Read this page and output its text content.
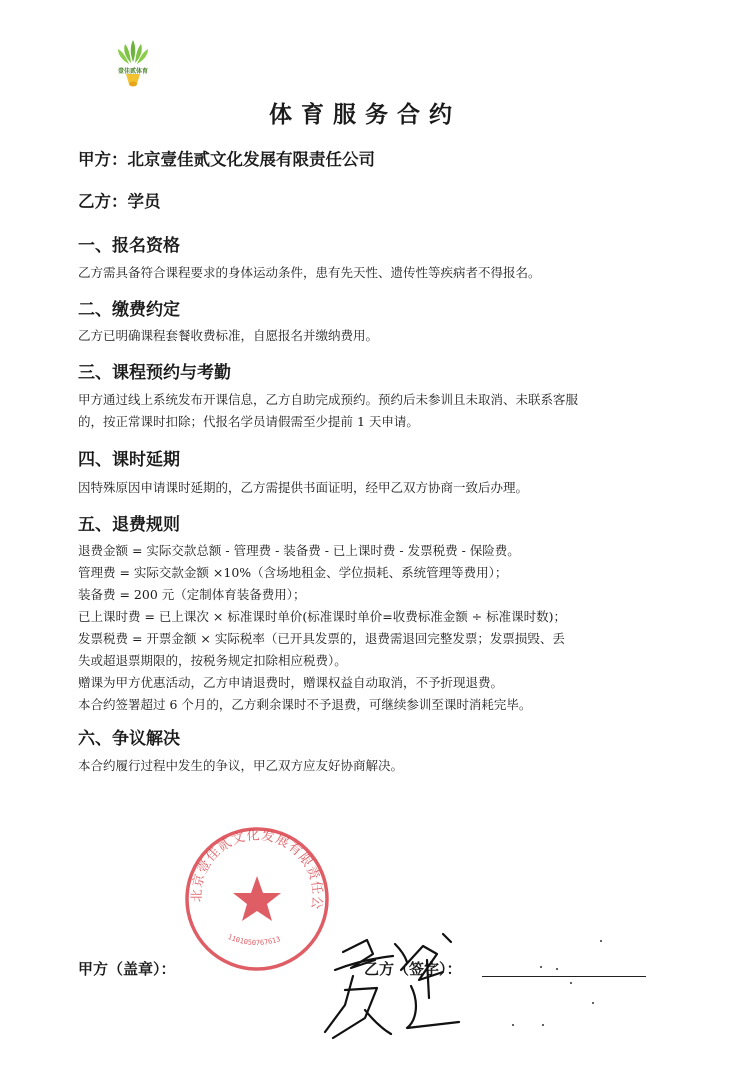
壹佳贰体育
体育服务合约
甲方：北京壹佳贰文化发展有限责任公司
乙方：学员
一、报名资格
乙方需具备符合课程要求的身体运动条件，患有先天性、遗传性等疾病者不得报名。
二、缴费约定
乙方已明确课程套餐收费标准，自愿报名并缴纳费用。
三、课程预约与考勤
甲方通过线上系统发布开课信息，乙方自助完成预约。预约后未参训且未取消、未联系客服
的，按正常课时扣除；代报名学员请假需至少提前 1 天申请。
四、课时延期
因特殊原因申请课时延期的，乙方需提供书面证明，经甲乙双方协商一致后办理。
五、退费规则
退费金额 = 实际交款总额 - 管理费 - 装备费 - 已上课时费 - 发票税费 - 保险费。
管理费 = 实际交款金额 ×10%（含场地租金、学位损耗、系统管理等费用）；
装备费 = 200 元（定制体育装备费用）；
已上课时费 = 已上课次 × 标准课时单价(标准课时单价=收费标准金额 ÷ 标准课时数)；
发票税费 = 开票金额 × 实际税率（已开具发票的，退费需退回完整发票；发票损毁、丢
失或超退票期限的，按税务规定扣除相应税费）。
赠课为甲方优惠活动，乙方申请退费时，赠课权益自动取消，不予折现退费。
本合约签署超过 6 个月的，乙方剩余课时不予退费，可继续参训至课时消耗完毕。
六、争议解决
本合约履行过程中发生的争议，甲乙双方应友好协商解决。
北京壹佳贰文化发展有限责任公
1101050767613
甲方（盖章）：	乙方（签字）：
